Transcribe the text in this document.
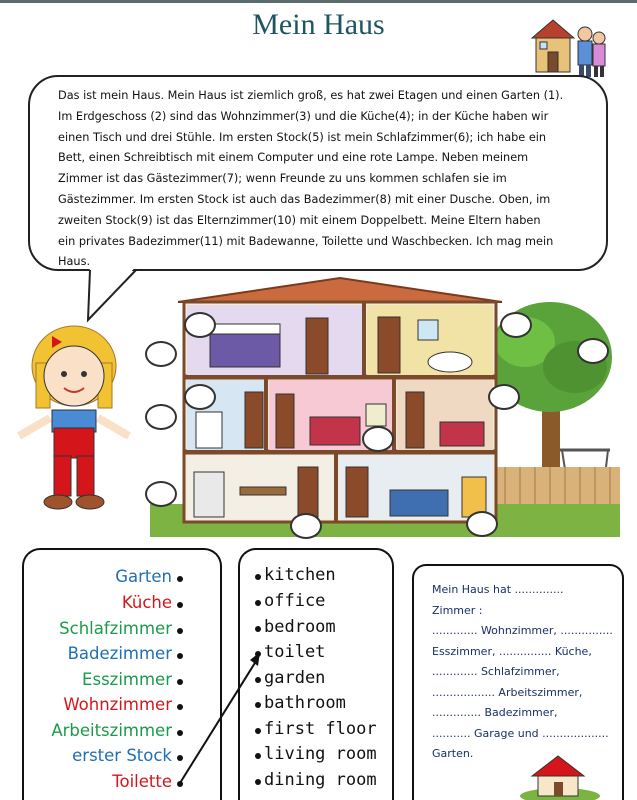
Mein Haus
Das ist mein Haus. Mein Haus ist ziemlich groß, es hat zwei Etagen und einen Garten (1).
Im Erdgeschoss (2) sind das Wohnzimmer(3) und die Küche(4); in der Küche haben wir
einen Tisch und drei Stühle. Im ersten Stock(5) ist mein Schlafzimmer(6); ich habe ein
Bett, einen Schreibtisch mit einem Computer und eine rote Lampe. Neben meinem
Zimmer ist das Gästezimmer(7); wenn Freunde zu uns kommen schlafen sie im
Gästezimmer. Im ersten Stock ist auch das Badezimmer(8) mit einer Dusche. Oben, im
zweiten Stock(9) ist das Elternzimmer(10) mit einem Doppelbett. Meine Eltern haben
ein privates Badezimmer(11) mit Badewanne, Toilette und Waschbecken. Ich mag mein
Haus.
Garten
Küche
Schlafzimmer
Badezimmer
Esszimmer
Wohnzimmer
Arbeitszimmer
erster Stock
Toilette
kitchen
office
bedroom
toilet
garden
bathroom
first floor
living room
dining room
Mein Haus hat ..............
Zimmer :
............. Wohnzimmer, ...............
Esszimmer, ............... Küche,
............. Schlafzimmer,
.................. Arbeitszimmer,
.............. Badezimmer,
........... Garage und ...................
Garten.
